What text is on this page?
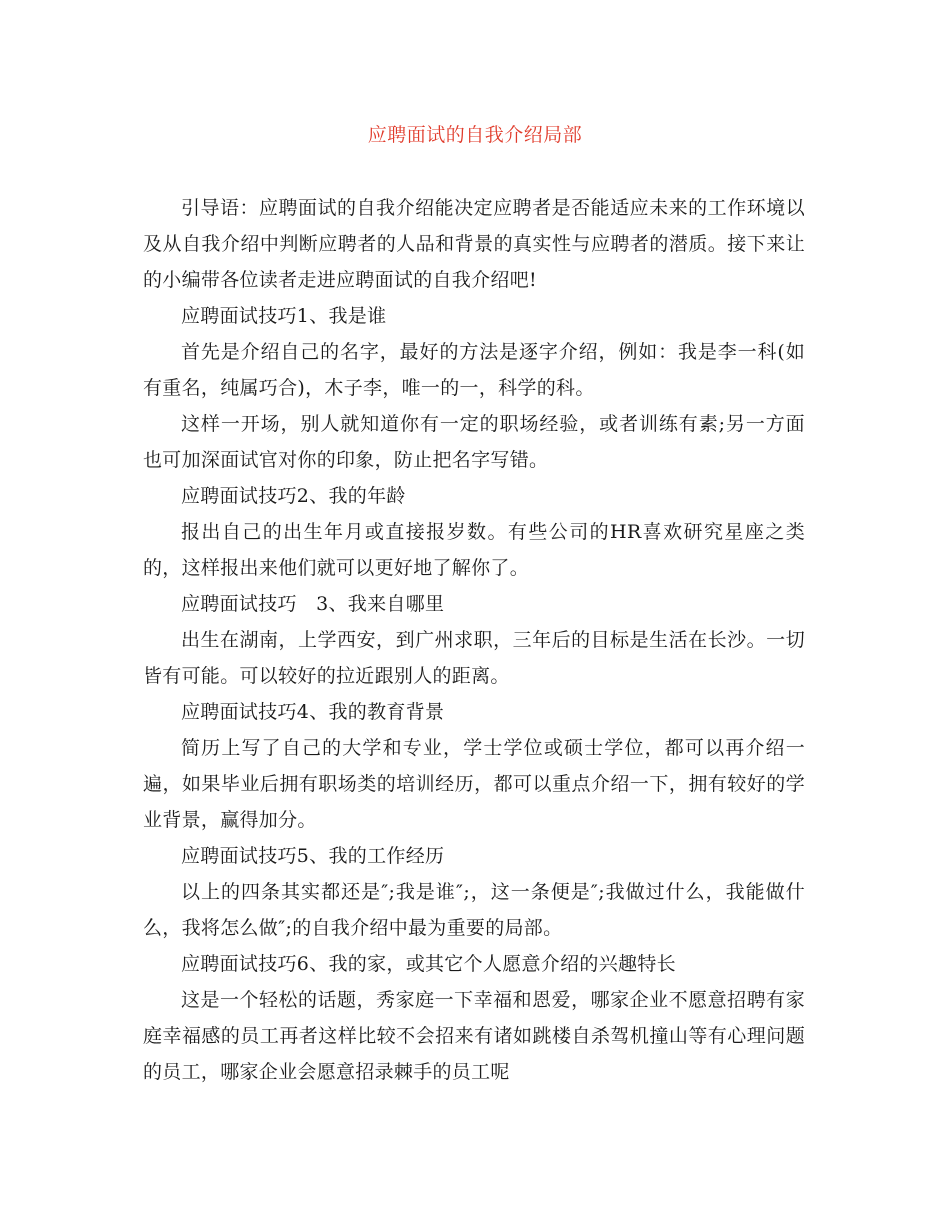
应聘面试的自我介绍局部

引导语：应聘面试的自我介绍能决定应聘者是否能适应未来的工作环境以及从自我介绍中判断应聘者的人品和背景的真实性与应聘者的潜质。接下来让的小编带各位读者走进应聘面试的自我介绍吧!

应聘面试技巧1、我是谁

首先是介绍自己的名字，最好的方法是逐字介绍，例如：我是李一科(如有重名，纯属巧合)，木子李，唯一的一，科学的科。

这样一开场，别人就知道你有一定的职场经验，或者训练有素;另一方面也可加深面试官对你的印象，防止把名字写错。

应聘面试技巧2、我的年龄

报出自己的出生年月或直接报岁数。有些公司的HR喜欢研究星座之类的，这样报出来他们就可以更好地了解你了。

应聘面试技巧　3、我来自哪里

出生在湖南，上学西安，到广州求职，三年后的目标是生活在长沙。一切皆有可能。可以较好的拉近跟别人的距离。

应聘面试技巧4、我的教育背景

简历上写了自己的大学和专业，学士学位或硕士学位，都可以再介绍一遍，如果毕业后拥有职场类的培训经历，都可以重点介绍一下，拥有较好的学业背景，赢得加分。

应聘面试技巧5、我的工作经历

以上的四条其实都还是″;我是谁″;，这一条便是″;我做过什么，我能做什么，我将怎么做″;的自我介绍中最为重要的局部。

应聘面试技巧6、我的家，或其它个人愿意介绍的兴趣特长

这是一个轻松的话题，秀家庭一下幸福和恩爱，哪家企业不愿意招聘有家庭幸福感的员工再者这样比较不会招来有诸如跳楼自杀驾机撞山等有心理问题的员工，哪家企业会愿意招录棘手的员工呢
